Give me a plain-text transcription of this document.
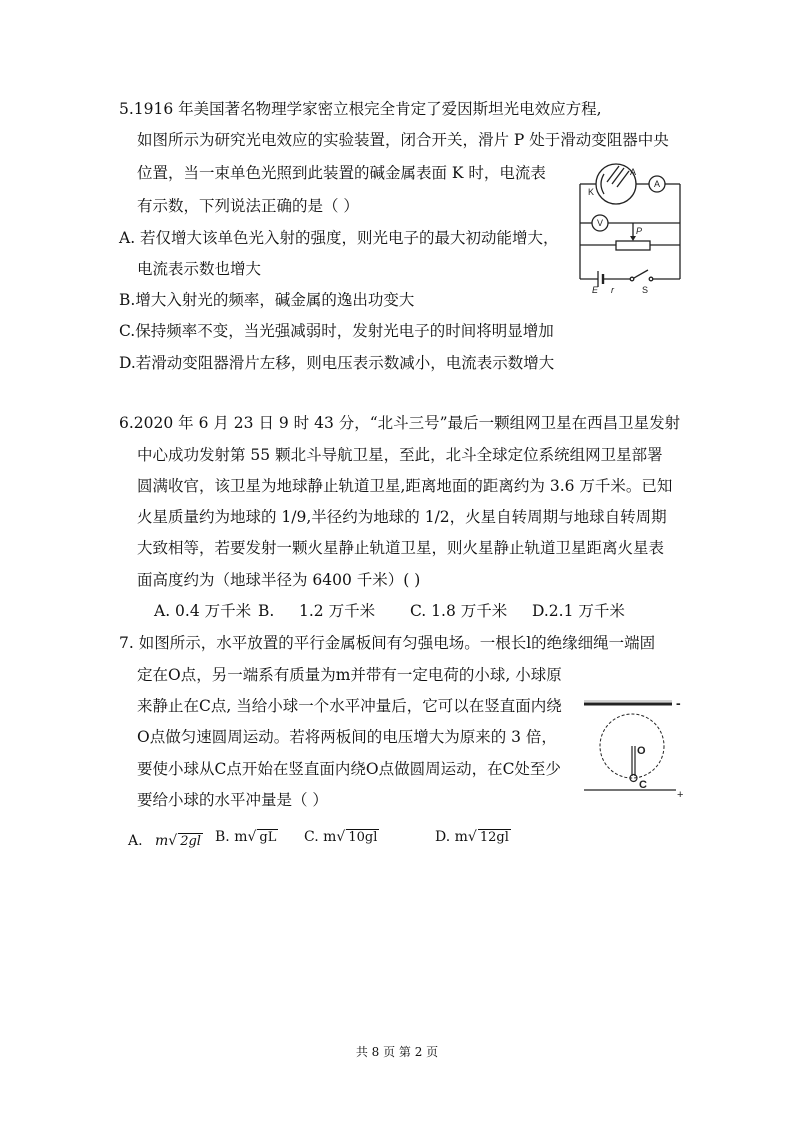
5.1916 年美国著名物理学家密立根完全肯定了爱因斯坦光电效应方程,
如图所示为研究光电效应的实验装置，闭合开关，滑片 P 处于滑动变阻器中央
位置，当一束单色光照到此装置的碱金属表面 K 时，电流表
有示数，下列说法正确的是（ ）
A. 若仅增大该单色光入射的强度，则光电子的最大初动能增大，
电流表示数也增大
B.增大入射光的频率，碱金属的逸出功变大
C.保持频率不变，当光强减弱时，发射光电子的时间将明显增加
D.若滑动变阻器滑片左移，则电压表示数减小，电流表示数增大
K
A
A
V
P
E r	S
6.2020 年 6 月 23 日 9 时 43 分，“北斗三号”最后一颗组网卫星在西昌卫星发射
中心成功发射第 55 颗北斗导航卫星，至此，北斗全球定位系统组网卫星部署
圆满收官，该卫星为地球静止轨道卫星,距离地面的距离约为 3.6 万千米。已知
火星质量约为地球的 1/9,半径约为地球的 1/2，火星自转周期与地球自转周期
大致相等，若要发射一颗火星静止轨道卫星，则火星静止轨道卫星距离火星表
面高度约为（地球半径为 6400 千米）( )
A. 0.4 万千米 B. 1.2 万千米 C. 1.8 万千米 D.2.1 万千米
7. 如图所示，水平放置的平行金属板间有匀强电场。一根长l的绝缘细绳一端固
定在O点，另一端系有质量为m并带有一定电荷的小球, 小球原
来静止在C点, 当给小球一个水平冲量后，它可以在竖直面内绕
O点做匀速圆周运动。若将两板间的电压增大为原来的 3 倍，
要使小球从C点开始在竖直面内绕O点做圆周运动，在C处至少
要给小球的水平冲量是（ ）
-
+
O
C
A. m√ 2gl B. m√ gL C. m√ 10gl	D. m√ 12gl
共 8 页 第 2 页
